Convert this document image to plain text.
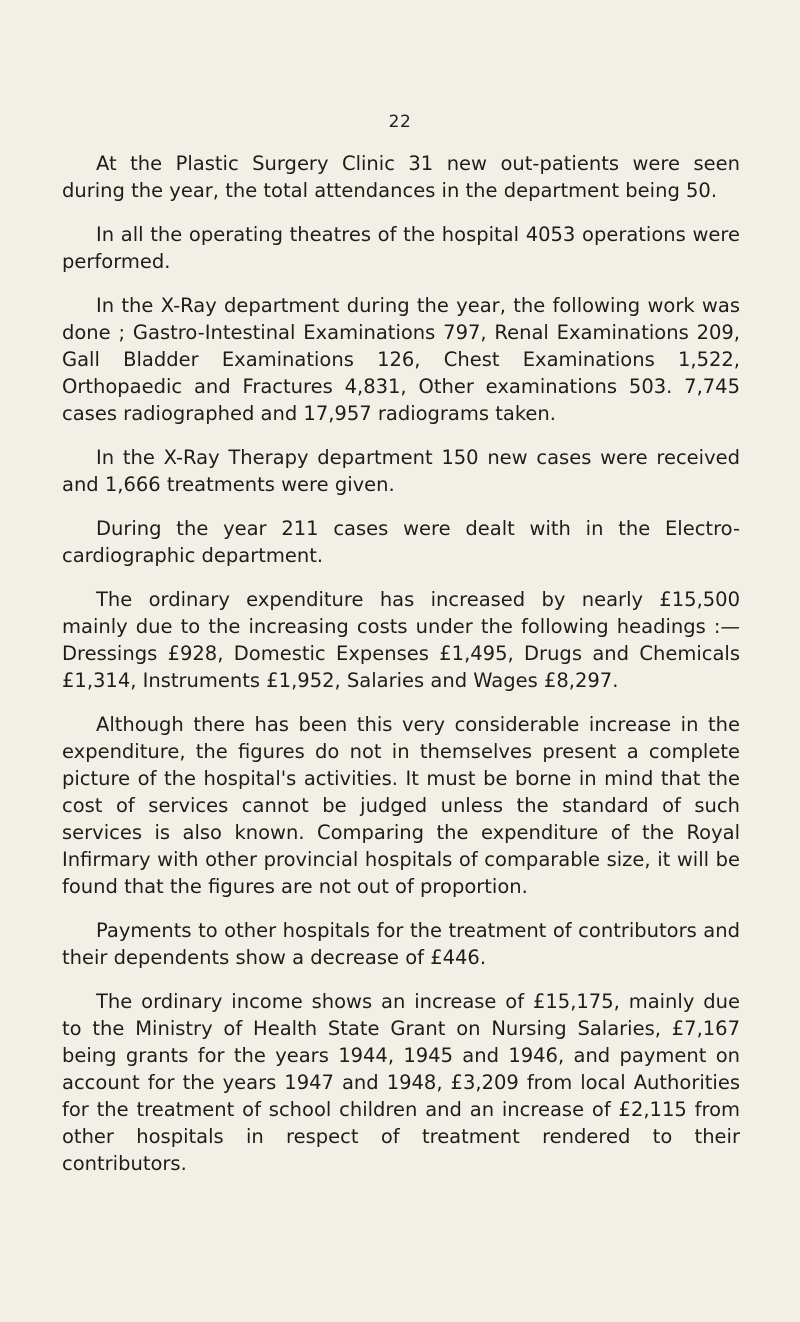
22

At the Plastic Surgery Clinic 31 new out-patients were seen during the year, the total attendances in the department being 50.

In all the operating theatres of the hospital 4053 operations were performed.

In the X-Ray department during the year, the following work was done ; Gastro-Intestinal Examinations 797, Renal Examinations 209, Gall Bladder Examinations 126, Chest Examinations 1,522, Orthopaedic and Fractures 4,831, Other examinations 503. 7,745 cases radiographed and 17,957 radiograms taken.

In the X-Ray Therapy department 150 new cases were received and 1,666 treatments were given.

During the year 211 cases were dealt with in the Electro-cardiographic department.

The ordinary expenditure has increased by nearly £15,500 mainly due to the increasing costs under the following headings :— Dressings £928, Domestic Expenses £1,495, Drugs and Chemicals £1,314, Instruments £1,952, Salaries and Wages £8,297.

Although there has been this very considerable increase in the expenditure, the figures do not in themselves present a complete picture of the hospital's activities. It must be borne in mind that the cost of services cannot be judged unless the standard of such services is also known. Comparing the expenditure of the Royal Infirmary with other provincial hospitals of comparable size, it will be found that the figures are not out of proportion.

Payments to other hospitals for the treatment of contributors and their dependents show a decrease of £446.

The ordinary income shows an increase of £15,175, mainly due to the Ministry of Health State Grant on Nursing Salaries, £7,167 being grants for the years 1944, 1945 and 1946, and payment on account for the years 1947 and 1948, £3,209 from local Authorities for the treatment of school children and an increase of £2,115 from other hospitals in respect of treatment rendered to their contributors.
